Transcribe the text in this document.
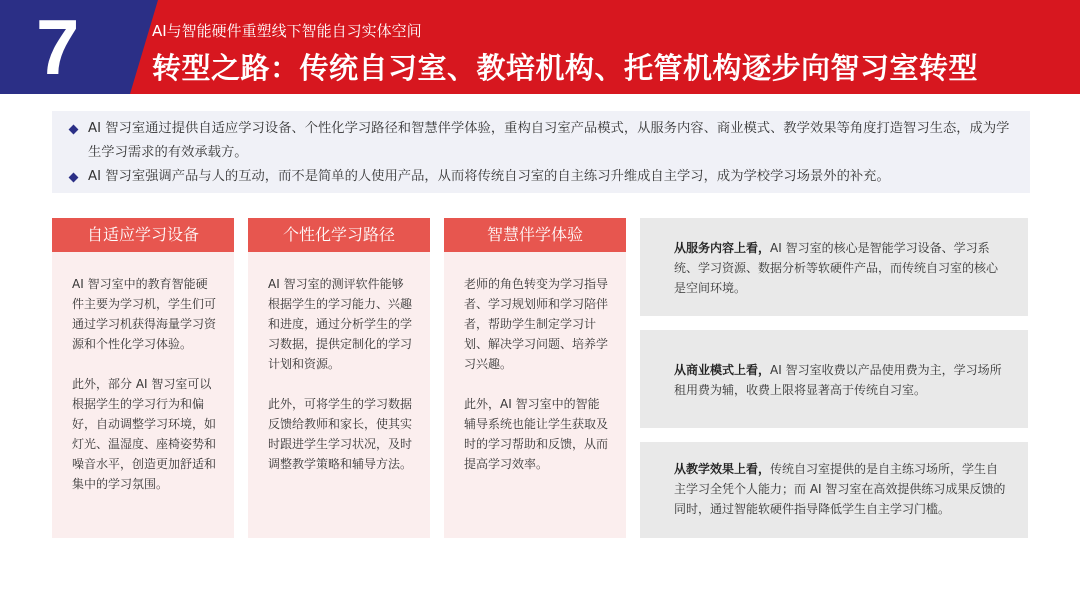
7	AI与智能硬件重塑线下智能自习实体空间
转型之路：传统自习室、教培机构、托管机构逐步向智习室转型
AI 智习室通过提供自适应学习设备、个性化学习路径和智慧伴学体验，重构自习室产品模式，从服务内容、商业模式、教学效果等角度打造智习生态，成为学生学习需求的有效承载方。
AI 智习室强调产品与人的互动，而不是简单的人使用产品，从而将传统自习室的自主练习升维成自主学习，成为学校学习场景外的补充。
自适应学习设备

AI 智习室中的教育智能硬件主要为学习机，学生们可通过学习机获得海量学习资源和个性化学习体验。

此外，部分 AI 智习室可以根据学生的学习行为和偏好，自动调整学习环境，如灯光、温湿度、座椅姿势和噪音水平，创造更加舒适和集中的学习氛围。

个性化学习路径

AI 智习室的测评软件能够根据学生的学习能力、兴趣和进度，通过分析学生的学习数据，提供定制化的学习计划和资源。

此外，可将学生的学习数据反馈给教师和家长，使其实时跟进学生学习状况，及时调整教学策略和辅导方法。

智慧伴学体验

老师的角色转变为学习指导者、学习规划师和学习陪伴者，帮助学生制定学习计划、解决学习问题、培养学习兴趣。

此外，AI 智习室中的智能辅导系统也能让学生获取及时的学习帮助和反馈，从而提高学习效率。

从服务内容上看，AI 智习室的核心是智能学习设备、学习系统、学习资源、数据分析等软硬件产品，而传统自习室的核心是空间环境。
从商业模式上看，AI 智习室收费以产品使用费为主，学习场所租用费为辅，收费上限将显著高于传统自习室。
从教学效果上看，传统自习室提供的是自主练习场所，学生自主学习全凭个人能力；而 AI 智习室在高效提供练习成果反馈的同时，通过智能软硬件指导降低学生自主学习门槛。
